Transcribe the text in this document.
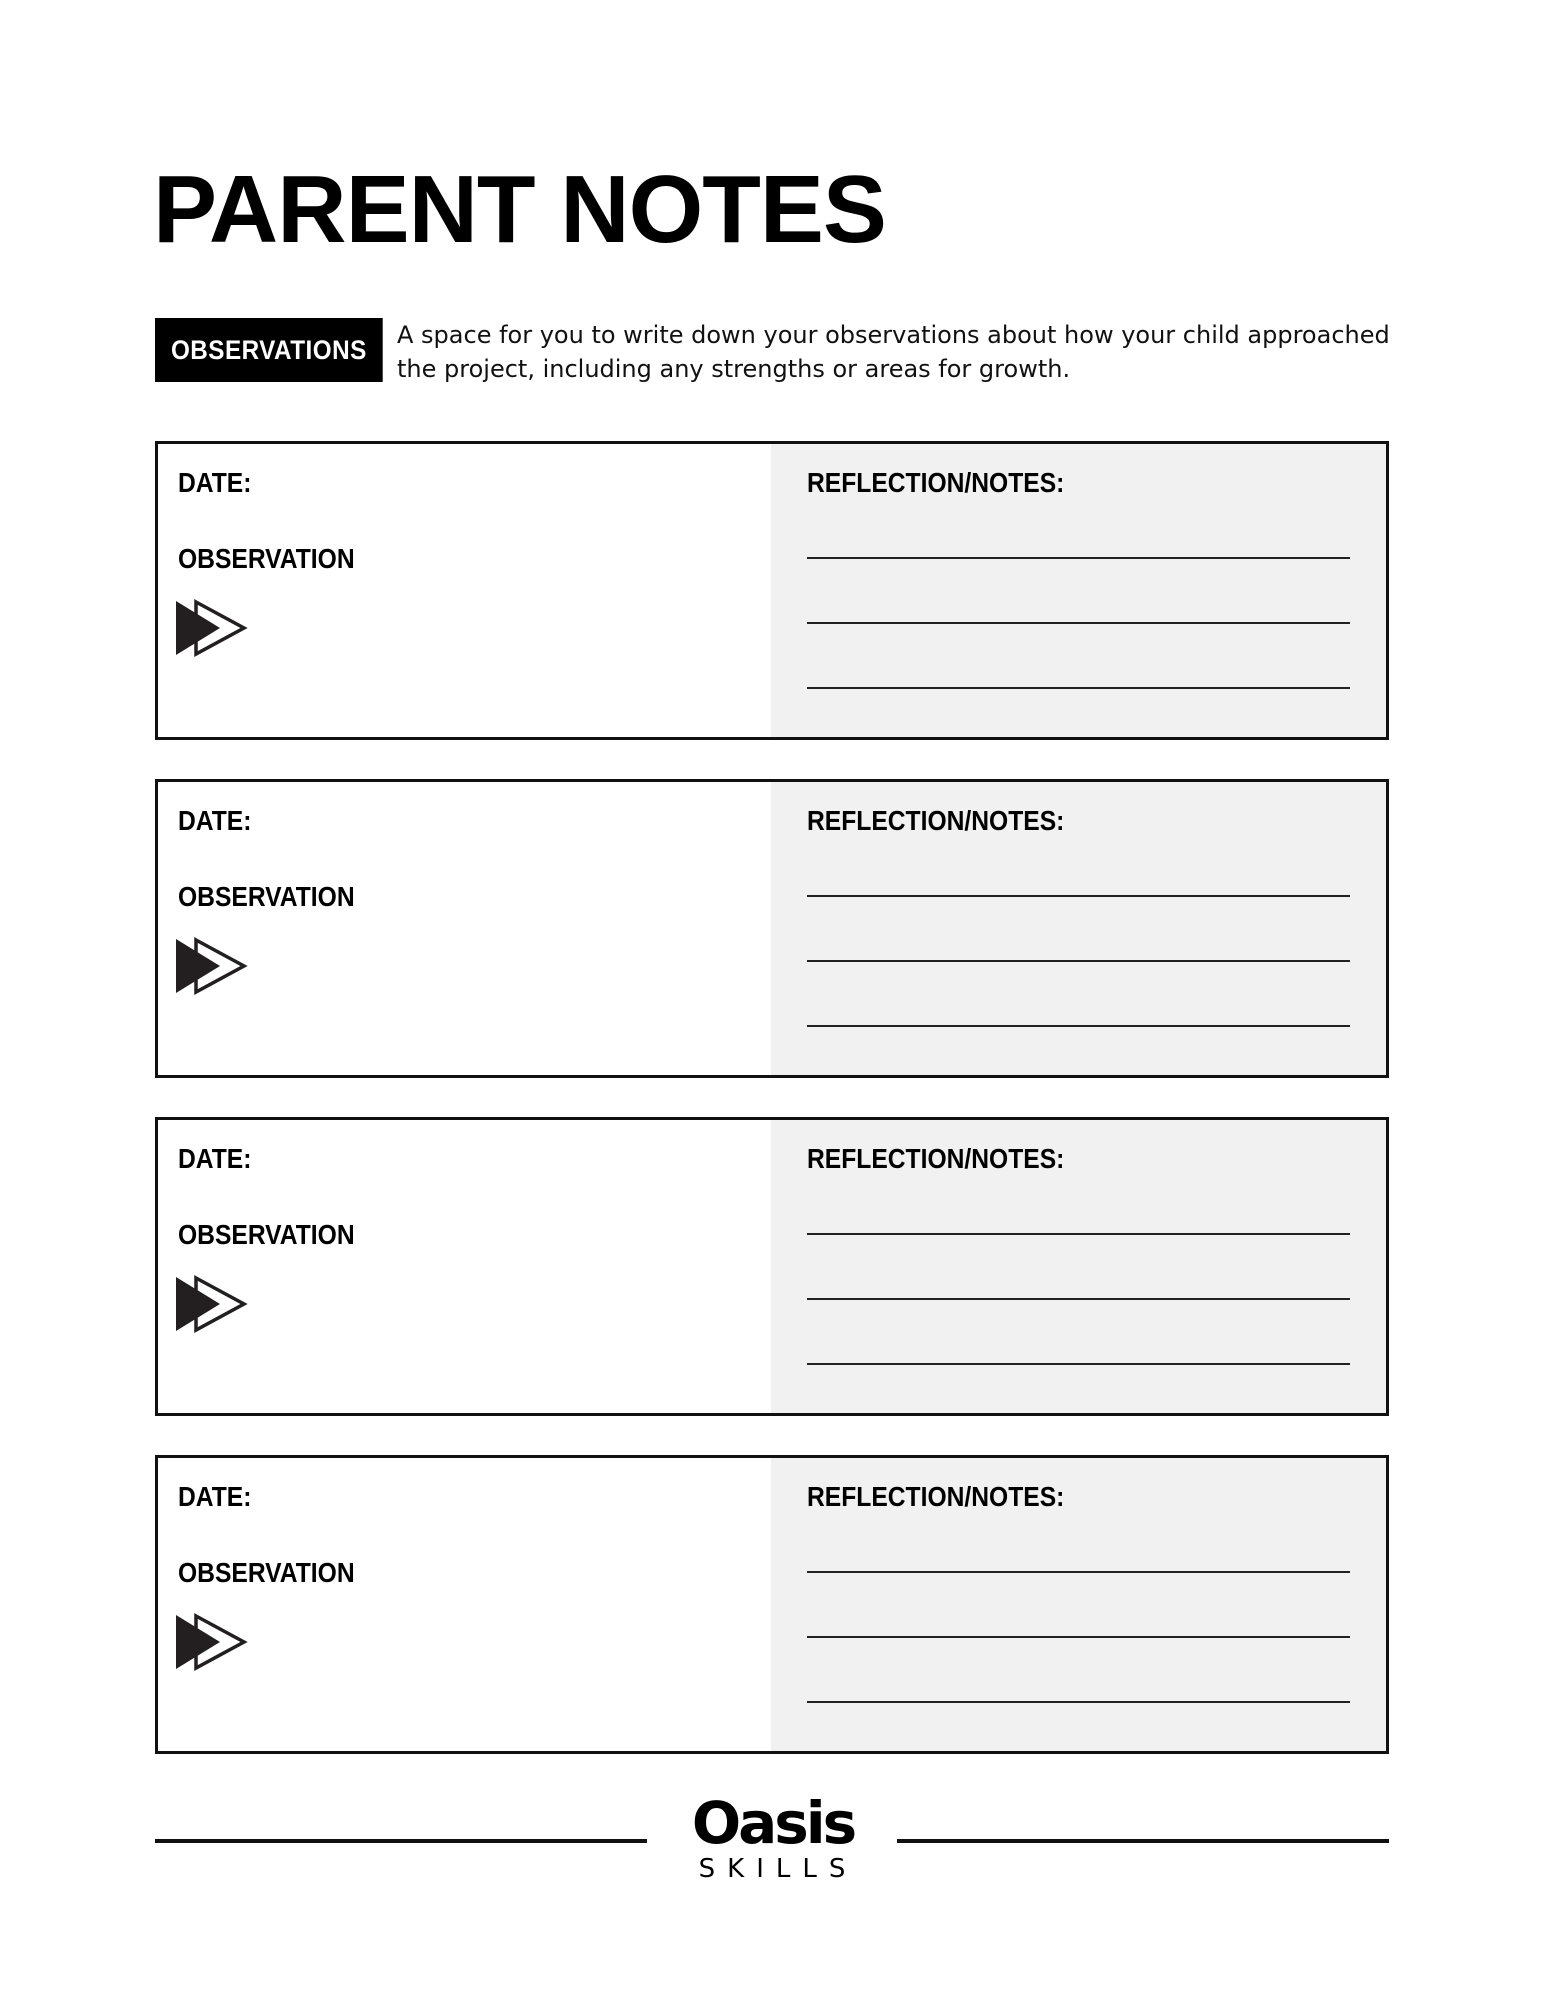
PARENT NOTES
OBSERVATIONS	A space for you to write down your observations about how your child approached the project, including any strengths or areas for growth.
REFLECTION/NOTES:
DATE:
OBSERVATION
REFLECTION/NOTES:
DATE:
OBSERVATION
REFLECTION/NOTES:
DATE:
OBSERVATION
REFLECTION/NOTES:
DATE:
OBSERVATION
Oasis
SKILLS
